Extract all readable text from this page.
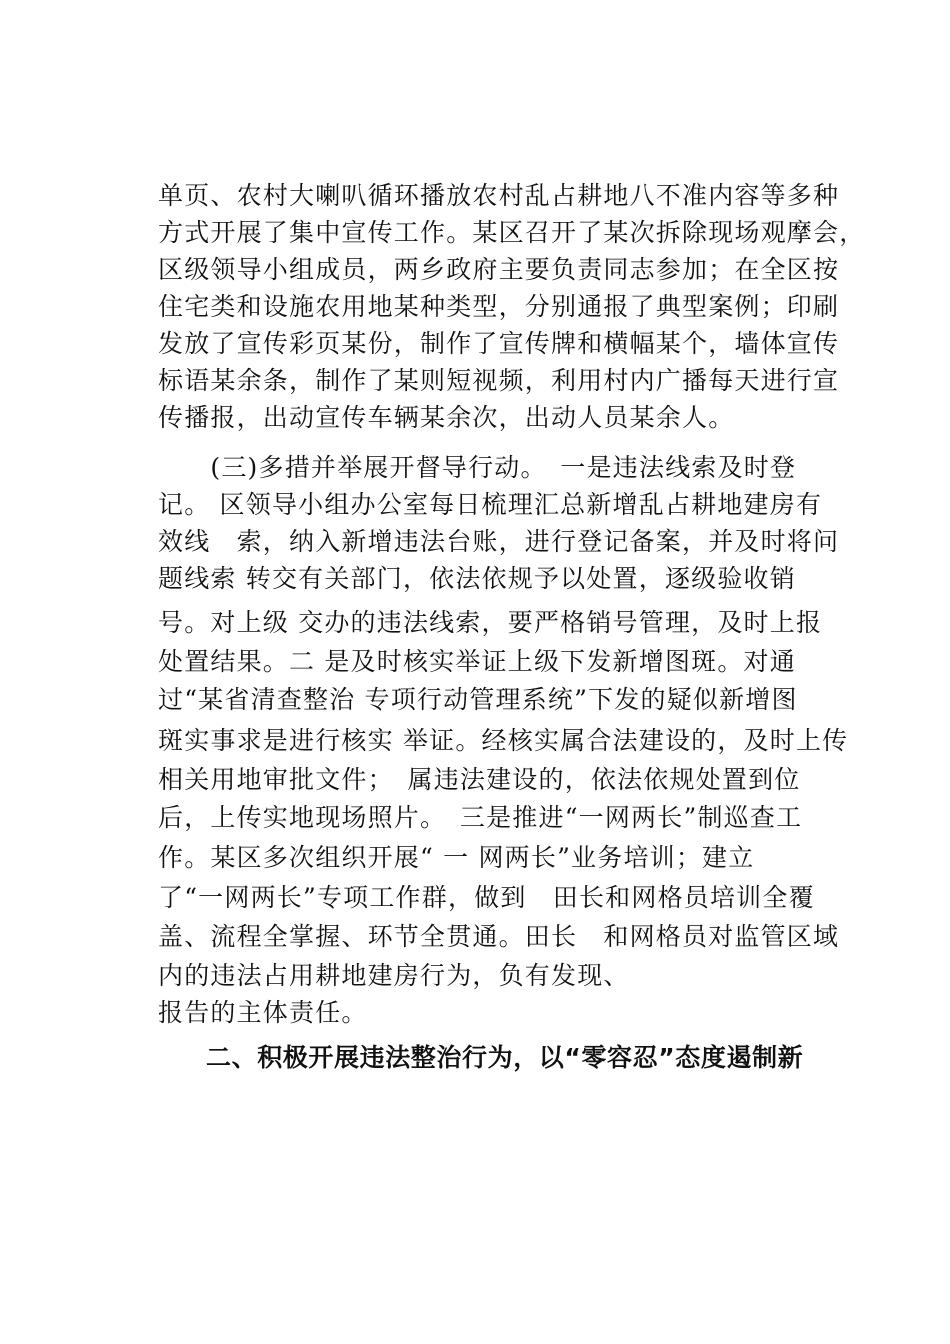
单页、农村大喇叭循环播放农村乱占耕地八不准内容等多种
方式开展了集中宣传工作。某区召开了某次拆除现场观摩会，
区级领导小组成员，两乡政府主要负责同志参加；在全区按
住宅类和设施农用地某种类型，分别通报了典型案例；印刷
发放了宣传彩页某份，制作了宣传牌和横幅某个，墙体宣传
标语某余条，制作了某则短视频，利用村内广播每天进行宣
传播报，出动宣传车辆某余次，出动人员某余人。
　　(三)多措并举展开督导行动。　一是违法线索及时登
记。 区领导小组办公室每日梳理汇总新增乱占耕地建房有
效线　索，纳入新增违法台账，进行登记备案，并及时将问
题线索 转交有关部门，依法依规予以处置，逐级验收销
号。对上级 交办的违法线索，要严格销号管理，及时上报
处置结果。二 是及时核实举证上级下发新增图斑。对通
过“某省清查整治 专项行动管理系统”下发的疑似新增图
斑实事求是进行核实 举证。经核实属合法建设的，及时上传
相关用地审批文件；　属违法建设的，依法依规处置到位
后，上传实地现场照片。　三是推进“一网两长”制巡查工
作。某区多次组织开展“ 一 网两长”业务培训；建立
了“一网两长”专项工作群，做到　田长和网格员培训全覆
盖、流程全掌握、环节全贯通。田长　和网格员对监管区域
内的违法占用耕地建房行为，负有发现、
报告的主体责任。
二、积极开展违法整治行为，以“零容忍”态度遏制新
